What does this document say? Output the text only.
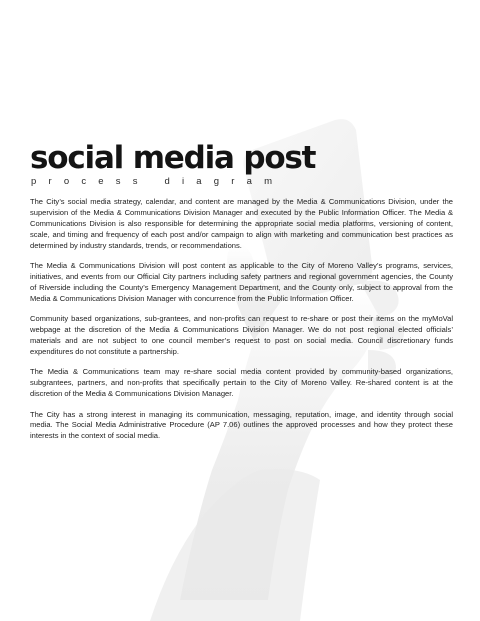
social media post
process diagram

The City’s social media strategy, calendar, and content are managed by the Media & Communications Division, under the supervision of the Media & Communications Division Manager and executed by the Public Information Officer. The Media & Communications Division is also responsible for determining the appropriate social media platforms, versioning of content, scale, and timing and frequency of each post and/or campaign to align with marketing and communication best practices as determined by industry standards, trends, or recommendations.

The Media & Communications Division will post content as applicable to the City of Moreno Valley’s programs, services, initiatives, and events from our Official City partners including safety partners and regional government agencies, the County of Riverside including the County’s Emergency Management Department, and the County only, subject to approval from the Media & Communications Division Manager with concurrence from the Public Information Officer.

Community based organizations, sub-grantees, and non-profits can request to re-share or post their items on the myMoVal webpage at the discretion of the Media & Communications Division Manager. We do not post regional elected officials’ materials and are not subject to one council member’s request to post on social media. Council discretionary funds expenditures do not constitute a partnership.

The Media & Communications team may re-share social media content provided by community-based organizations, subgrantees, partners, and non-profits that specifically pertain to the City of Moreno Valley. Re-shared content is at the discretion of the Media & Communications Division Manager.

The City has a strong interest in managing its communication, messaging, reputation, image, and identity through social media. The Social Media Administrative Procedure (AP 7.06) outlines the approved processes and how they protect these interests in the context of social media.
